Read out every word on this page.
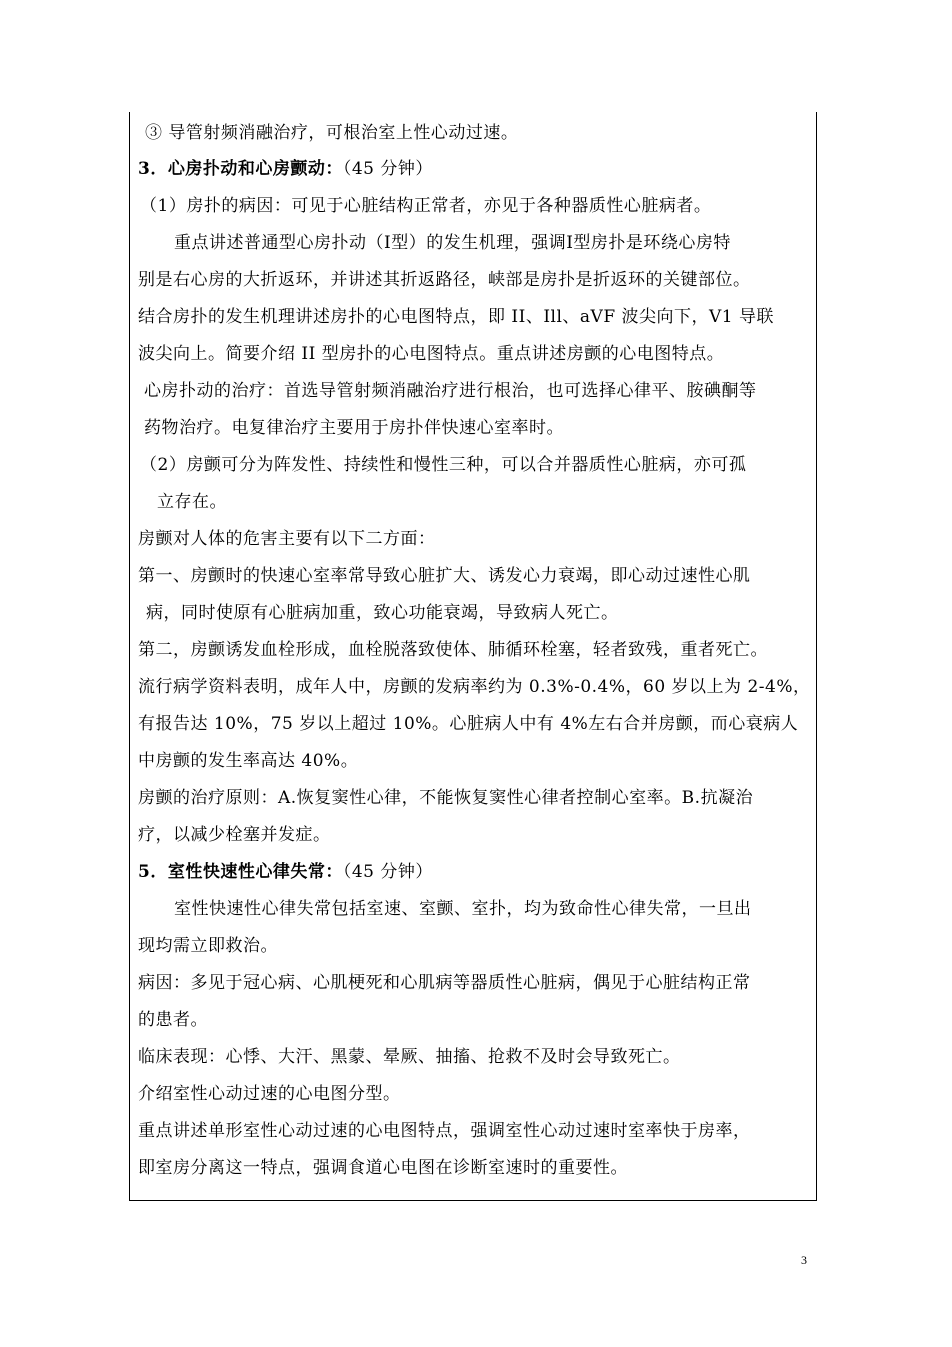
③ 导管射频消融治疗，可根治室上性心动过速。
3．心房扑动和心房颤动：（45 分钟）
（1）房扑的病因：可见于心脏结构正常者，亦见于各种器质性心脏病者。
重点讲述普通型心房扑动（Ⅰ型）的发生机理，强调Ⅰ型房扑是环绕心房特
别是右心房的大折返环，并讲述其折返路径，峡部是房扑是折返环的关键部位。
结合房扑的发生机理讲述房扑的心电图特点，即 II、Ill、aVF 波尖向下，V1 导联
波尖向上。简要介绍 II 型房扑的心电图特点。重点讲述房颤的心电图特点。
心房扑动的治疗：首选导管射频消融治疗进行根治，也可选择心律平、胺碘酮等
药物治疗。电复律治疗主要用于房扑伴快速心室率时。
（2）房颤可分为阵发性、持续性和慢性三种，可以合并器质性心脏病，亦可孤
立存在。
房颤对人体的危害主要有以下二方面：
第一、房颤时的快速心室率常导致心脏扩大、诱发心力衰竭，即心动过速性心肌
病，同时使原有心脏病加重，致心功能衰竭，导致病人死亡。
第二，房颤诱发血栓形成，血栓脱落致使体、肺循环栓塞，轻者致残，重者死亡。
流行病学资料表明，成年人中，房颤的发病率约为 0.3%-0.4%，60 岁以上为 2-4%，
有报告达 10%，75 岁以上超过 10%。心脏病人中有 4%左右合并房颤，而心衰病人
中房颤的发生率高达 40%。
房颤的治疗原则：A.恢复窦性心律，不能恢复窦性心律者控制心室率。B.抗凝治
疗，以减少栓塞并发症。
5．室性快速性心律失常：（45 分钟）
室性快速性心律失常包括室速、室颤、室扑，均为致命性心律失常，一旦出
现均需立即救治。
病因：多见于冠心病、心肌梗死和心肌病等器质性心脏病，偶见于心脏结构正常
的患者。
临床表现：心悸、大汗、黑蒙、晕厥、抽搐、抢救不及时会导致死亡。
介绍室性心动过速的心电图分型。
重点讲述单形室性心动过速的心电图特点，强调室性心动过速时室率快于房率，
即室房分离这一特点，强调食道心电图在诊断室速时的重要性。
3
